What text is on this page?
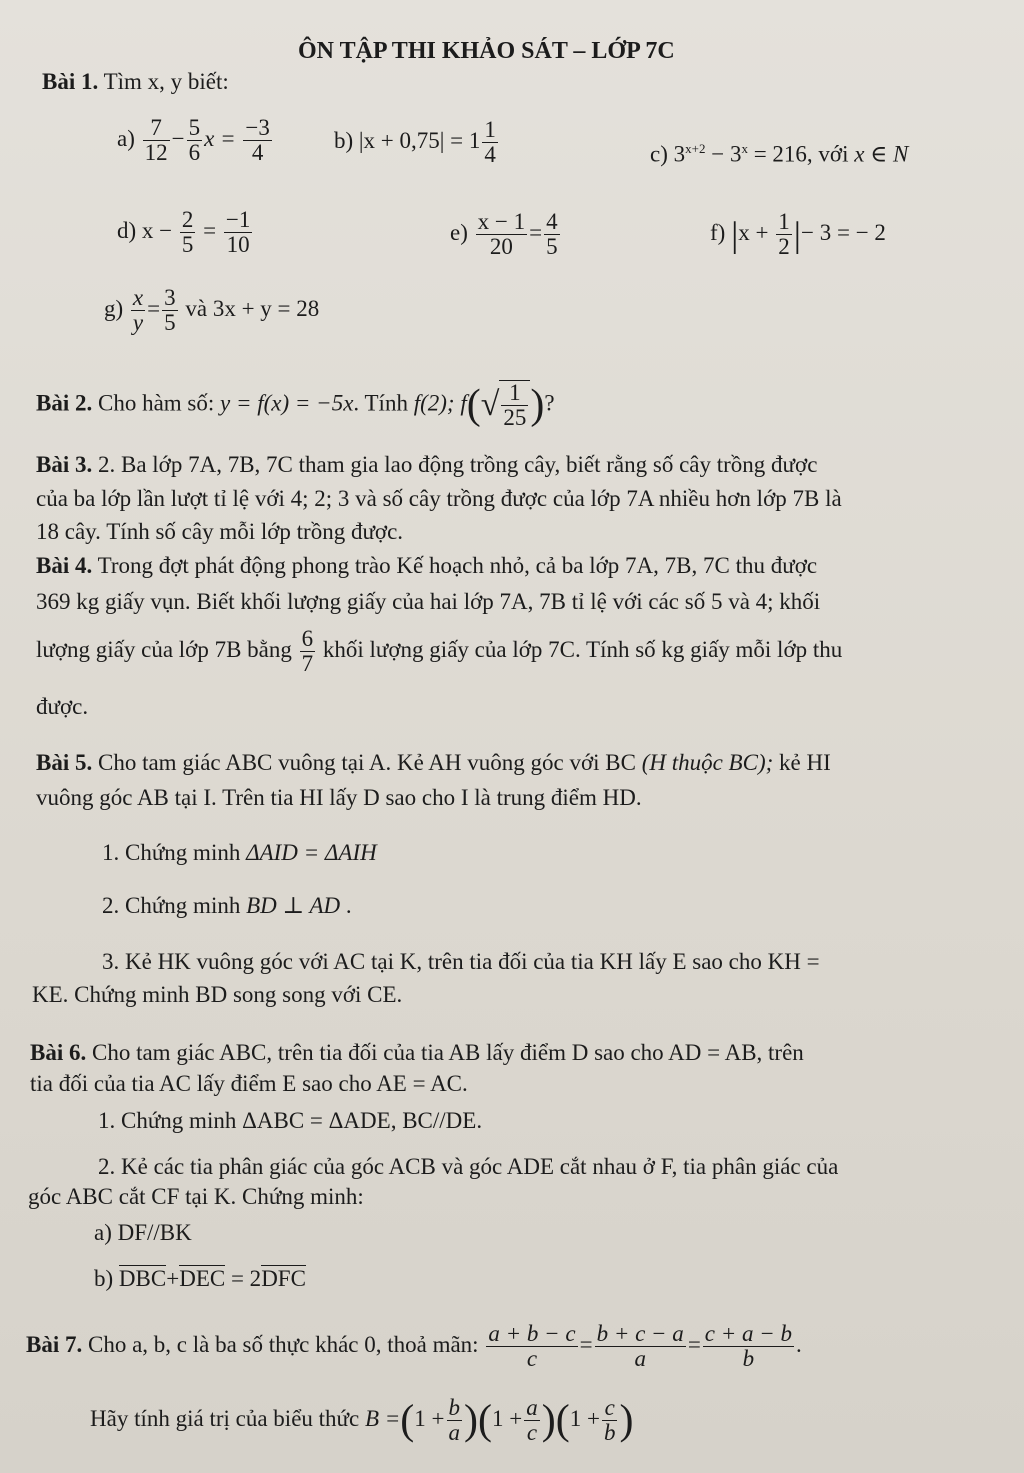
ÔN TẬP THI KHẢO SÁT – LỚP 7C
Bài 1. Tìm x, y biết:
$a) \frac{7}{12} - \frac{5}{6}$ $x = \frac{-3}{4}$	b) $|x + 0,75| = 1 \frac{1}{4}$	c) $3^{x+2} - 3^x = 216$, với x ∈ N
d) $x - \frac{2}{5} = \frac{-1}{10}$	$e) \frac{x - 1}{20} = \frac{4}{5}$	f) $|x + \frac{1}{2}$ |− 3 = − 2
$g) \frac{x}{y} = \frac{3}{5}$ và 3x + y = 28
Bài 2. Cho hàm số: y = f(x) = −5x. Tính f(2); $f(√ \frac{1}{25}$ )?
Bài 3. 2. Ba lớp 7A, 7B, 7C tham gia lao động trồng cây, biết rằng số cây trồng được
của ba lớp lần lượt tỉ lệ với 4; 2; 3 và số cây trồng được của lớp 7A nhiều hơn lớp 7B là
18 cây. Tính số cây mỗi lớp trồng được.
Bài 4. Trong đợt phát động phong trào Kế hoạch nhỏ, cả ba lớp 7A, 7B, 7C thu được
369 kg giấy vụn. Biết khối lượng giấy của hai lớp 7A, 7B tỉ lệ với các số 5 và 4; khối
lượng giấy của lớp 7B bằng $\frac{6}{7}$ khối lượng giấy của lớp 7C. Tính số kg giấy mỗi lớp thu
được.
Bài 5. Cho tam giác ABC vuông tại A. Kẻ AH vuông góc với BC (H thuộc BC); kẻ HI
vuông góc AB tại I. Trên tia HI lấy D sao cho I là trung điểm HD.
1. Chứng minh ΔAID = ΔAIH
2. Chứng minh BD ⊥ AD .
3. Kẻ HK vuông góc với AC tại K, trên tia đối của tia KH lấy E sao cho KH =
KE. Chứng minh BD song song với CE.
Bài 6. Cho tam giác ABC, trên tia đối của tia AB lấy điểm D sao cho AD = AB, trên
tia đối của tia AC lấy điểm E sao cho AE = AC.
1. Chứng minh ΔABC = ΔADE, BC//DE.
2. Kẻ các tia phân giác của góc ACB và góc ADE cắt nhau ở F, tia phân giác của
góc ABC cắt CF tại K. Chứng minh:
a) DF//BK
b) DBC+DEC = 2DFC
Bài 7. Cho a, b, c là ba số thực khác 0, thoả mãn: $\frac{a + b - c}{c} = \frac{b + c - a}{a} = \frac{c + a - b}{b}$ .
Hãy tính giá trị của biểu thức $B =(1 + \frac{b}{a} )(1 + \frac{a}{c} )(1 + \frac{c}{b}$ )
